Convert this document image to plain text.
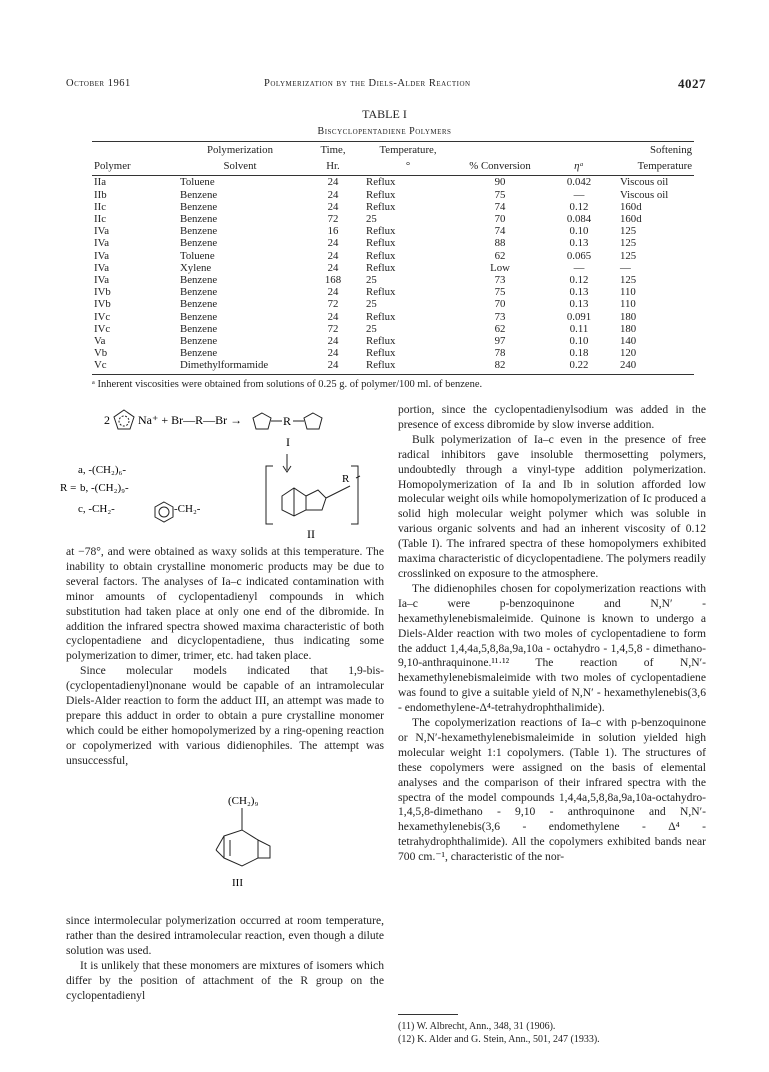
October 1961	Polymerization by the Diels-Alder Reaction	4027
TABLE I
Biscyclopentadiene Polymers
	Polymerization	Time,	Temperature,			Softening
Polymer	Solvent	Hr.	°	% Conversion	ηᵃ	Temperature
IIa	Toluene	24	Reflux	90	0.042	Viscous oil
IIb	Benzene	24	Reflux	75	—	Viscous oil
IIc	Benzene	24	Reflux	74	0.12	160d
IIc	Benzene	72	25	70	0.084	160d
IVa	Benzene	16	Reflux	74	0.10	125
IVa	Benzene	24	Reflux	88	0.13	125
IVa	Toluene	24	Reflux	62	0.065	125
IVa	Xylene	24	Reflux	Low	—	—
IVa	Benzene	168	25	73	0.12	125
IVb	Benzene	24	Reflux	75	0.13	110
IVb	Benzene	72	25	70	0.13	110
IVc	Benzene	24	Reflux	73	0.091	180
IVc	Benzene	72	25	62	0.11	180
Va	Benzene	24	Reflux	97	0.10	140
Vb	Benzene	24	Reflux	78	0.18	120
Vc	Dimethylformamide	24	Reflux	82	0.22	240
ᵃ Inherent viscosities were obtained from solutions of 0.25 g. of polymer/100 ml. of benzene.
2 Na⁺ + Br—R—Br →	R
I
a, -(CH₂)₆-
R = b, -(CH₂)₉-
c, -CH₂-	-CH₂-
R
II

at −78°, and were obtained as waxy solids at this temperature. The inability to obtain crystalline monomeric products may be due to several factors. The analyses of Ia–c indicated contamination with minor amounts of cyclopentadienyl compounds in which substitution had taken place at only one end of the dibromide. In addition the infrared spectra showed maxima characteristic of both cyclopentadiene and dicyclopentadiene, thus indicating some polymerization to dimer, trimer, etc. had taken place.

Since molecular models indicated that 1,9-bis-(cyclopentadienyl)nonane would be capable of an intramolecular Diels-Alder reaction to form the adduct III, an attempt was made to prepare this adduct in order to obtain a pure crystalline monomer which could be either homopolymerized by a ring-opening reaction or copolymerized with various didienophiles. The attempt was unsuccessful,

(CH₂)₉
III

since intermolecular polymerization occurred at room temperature, rather than the desired intramolecular reaction, even though a dilute solution was used.

It is unlikely that these monomers are mixtures of isomers which differ by the position of attachment of the R group on the cyclopentadienyl

portion, since the cyclopentadienylsodium was added in the presence of excess dibromide by slow inverse addition.

Bulk polymerization of Ia–c even in the presence of free radical inhibitors gave insoluble thermosetting polymers, undoubtedly through a vinyl-type addition polymerization. Homopolymerization of Ia and Ib in solution afforded low molecular weight oils while homopolymerization of Ic produced a solid high molecular weight polymer which was soluble in various organic solvents and had an inherent viscosity of 0.12 (Table I). The infrared spectra of these homopolymers exhibited maxima characteristic of dicyclopentadiene. The polymers readily crosslinked on exposure to the atmosphere.

The didienophiles chosen for copolymerization reactions with Ia–c were p-benzoquinone and N,N′ - hexamethylenebismaleimide. Quinone is known to undergo a Diels-Alder reaction with two moles of cyclopentadiene to form the adduct 1,4,4a,5,8,8a,9a,10a - octahydro - 1,4,5,8 - dimethano-9,10-anthraquinone.¹¹·¹² The reaction of N,N′-hexamethylenebismaleimide with two moles of cyclopentadiene was found to give a suitable yield of N,N′ - hexamethylenebis(3,6 - endomethylene-Δ⁴-tetrahydrophthalimide).

The copolymerization reactions of Ia–c with p-benzoquinone or N,N′-hexamethylenebismaleimide in solution yielded high molecular weight 1:1 copolymers. (Table 1). The structures of these copolymers were assigned on the basis of elemental analyses and the comparison of their infrared spectra with the spectra of the model compounds 1,4,4a,5,8,8a,9a,10a-octahydro-1,4,5,8-dimethano - 9,10 - anthroquinone and N,N′-hexamethylenebis(3,6 - endomethylene - Δ⁴ - tetrahydrophthalimide). All the copolymers exhibited bands near 700 cm.⁻¹, characteristic of the nor-

(11) W. Albrecht, Ann., 348, 31 (1906).
(12) K. Alder and G. Stein, Ann., 501, 247 (1933).
